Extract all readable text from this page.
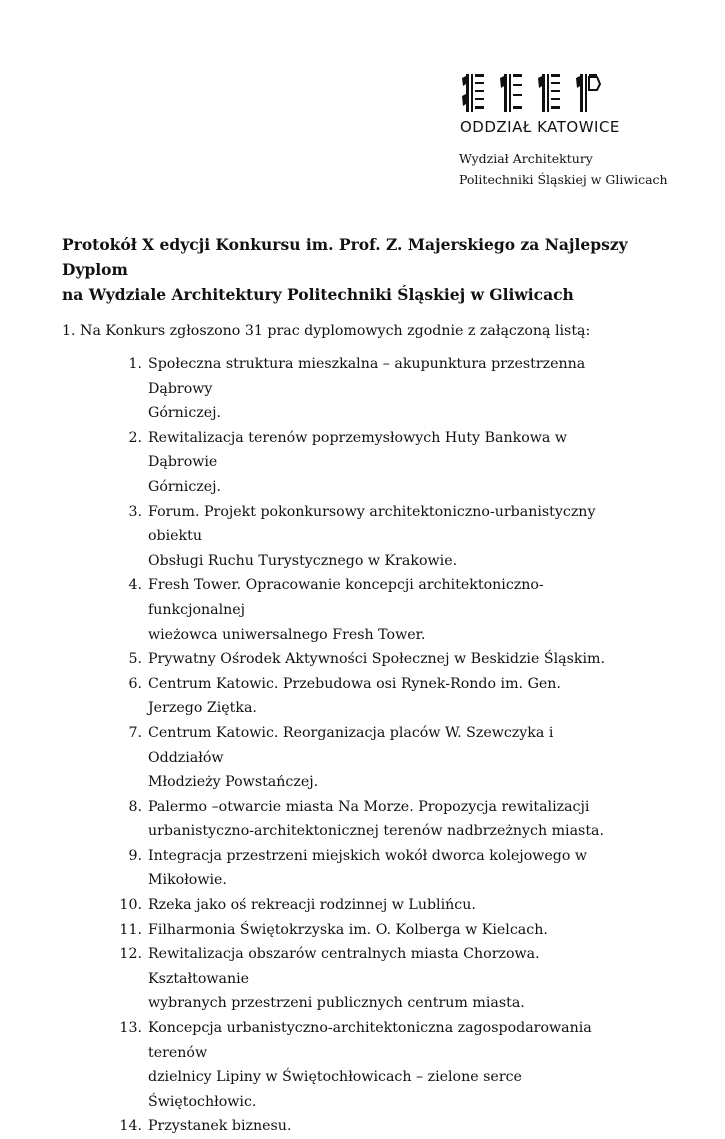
ODDZIAŁ KATOWICE
Wydział Architektury
Politechniki Śląskiej w Gliwicach
Protokół X edycji Konkursu im. Prof. Z. Majerskiego za Najlepszy Dyplom
na Wydziale Architektury Politechniki Śląskiej w Gliwicach
1. Na Konkurs zgłoszono 31 prac dyplomowych zgodnie z załączoną listą:
1. Społeczna struktura mieszkalna – akupunktura przestrzenna Dąbrowy
Górniczej.
2. Rewitalizacja terenów poprzemysłowych Huty Bankowa w Dąbrowie
Górniczej.
3. Forum. Projekt pokonkursowy architektoniczno-urbanistyczny obiektu
Obsługi Ruchu Turystycznego w Krakowie.
4. Fresh Tower. Opracowanie koncepcji architektoniczno-funkcjonalnej
wieżowca uniwersalnego Fresh Tower.
5. Prywatny Ośrodek Aktywności Społecznej w Beskidzie Śląskim.
6. Centrum Katowic. Przebudowa osi Rynek-Rondo im. Gen. Jerzego Ziętka.
7. Centrum Katowic. Reorganizacja placów W. Szewczyka i Oddziałów
Młodzieży Powstańczej.
8. Palermo –otwarcie miasta Na Morze. Propozycja rewitalizacji
urbanistyczno-architektonicznej terenów nadbrzeżnych miasta.
9. Integracja przestrzeni miejskich wokół dworca kolejowego w Mikołowie.
10. Rzeka jako oś rekreacji rodzinnej w Lublińcu.
11. Filharmonia Świętokrzyska im. O. Kolberga w Kielcach.
12. Rewitalizacja obszarów centralnych miasta Chorzowa. Kształtowanie
wybranych przestrzeni publicznych centrum miasta.
13. Koncepcja urbanistyczno-architektoniczna zagospodarowania terenów
dzielnicy Lipiny w Świętochłowicach – zielone serce Świętochłowic.
14. Przystanek biznesu.
